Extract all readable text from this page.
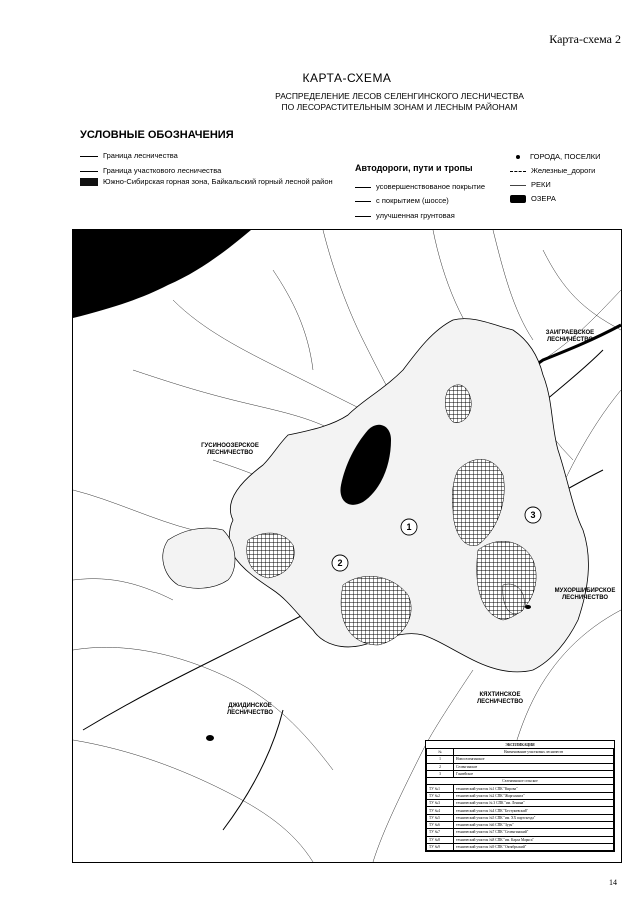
Карта-схема 2
КАРТА-СХЕМА
РАСПРЕДЕЛЕНИЕ ЛЕСОВ СЕЛЕНГИНСКОГО ЛЕСНИЧЕСТВА
ПО ЛЕСОРАСТИТЕЛЬНЫМ ЗОНАМ И ЛЕСНЫМ РАЙОНАМ
УСЛОВНЫЕ ОБОЗНАЧЕНИЯ
Граница лесничества
Граница участкового лесничества
Южно-Сибирская горная зона, Байкальский горный лесной район
Автодороги, пути и тропы
усовершенствованое покрытие
с покрытием (шоссе)
улучшенная грунтовая
ГОРОДА, ПОСЕЛКИ
Железные_дороги
РЕКИ
ОЗЕРА
1
2
3
ЗАИГРАЕВСКОЕ
ЛЕСНИЧЕСТВО
ГУСИНООЗЕРСКОЕ
ЛЕСНИЧЕСТВО
МУХОРШИБИРСКОЕ
ЛЕСНИЧЕСТВО
КЯХТИНСКОЕ
ЛЕСНИЧЕСТВО
ДЖИДИНСКОЕ
ЛЕСНИЧЕСТВО
ЭКСПЛИКАЦИЯ	
№	Наименование участковых лесничеств
1	Новоселенгинское
2	Селенгинское
3	Ганзейское
Селенгинское сельское	
ТУ №1	технический участок №1 СПК "Кирова"
ТУ №2	технический участок №2 СПК "Жаргаланта"
ТУ №3	технический участок № 3 СПК "им. Ленина"
ТУ №4	технический участок №4 СПК "Бестужевский"
ТУ №5	технический участок №5 СПК "им. XX партсъезда"
ТУ №6	технический участок №6 СПК "Зуун"
ТУ №7	технический участок №7 СПК "Селенгинский"
ТУ №8	технический участок №8 СПК "им. Карла Маркса"
ТУ №9	технический участок №9 СПК "Октябрьский"
14
